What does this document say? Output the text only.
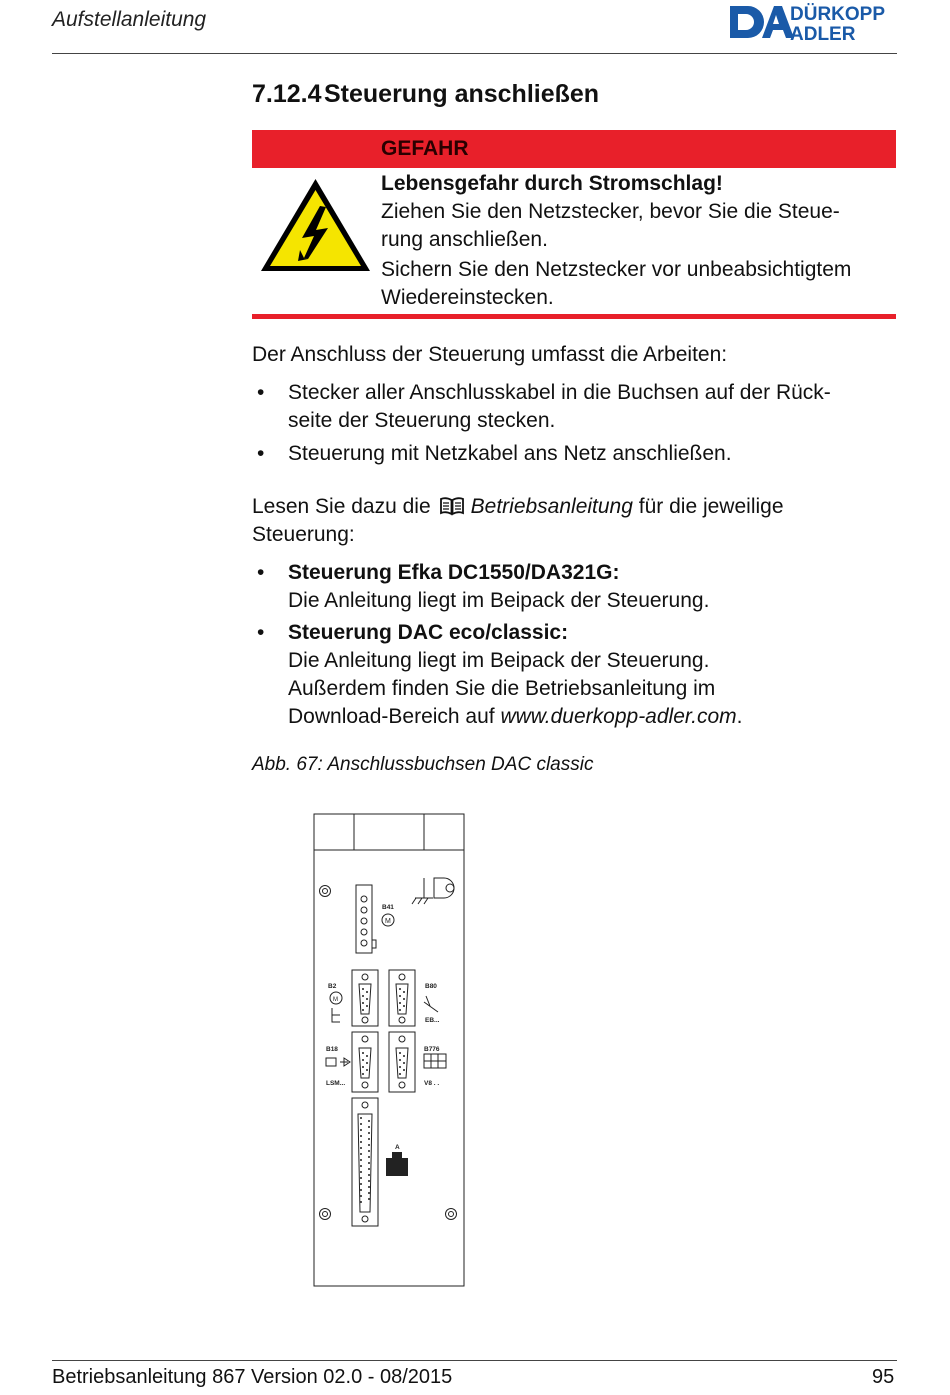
Aufstellanleitung	DÜRKOPP
ADLER
7.12.4 Steuerung anschließen
GEFAHR
Lebensgefahr durch Stromschlag!
Ziehen Sie den Netzstecker, bevor Sie die Steue-
rung anschließen.
Sichern Sie den Netzstecker vor unbeabsichtigtem
Wiedereinstecken.
Der Anschluss der Steuerung umfasst die Arbeiten:
• Stecker aller Anschlusskabel in die Buchsen auf der Rück-
seite der Steuerung stecken.
• Steuerung mit Netzkabel ans Netz anschließen.
Lesen Sie dazu die Betriebsanleitung für die jeweilige
Steuerung:
• Steuerung Efka DC1550/DA321G:
Die Anleitung liegt im Beipack der Steuerung.
• Steuerung DAC eco/classic:
Die Anleitung liegt im Beipack der Steuerung.
Außerdem finden Sie die Betriebsanleitung im
Download-Bereich auf www.duerkopp-adler.com.
Abb. 67: Anschlussbuchsen DAC classic
B41
M
B2
M
B80
EB...
B18	B776
LSM...	V8 . .
A
Betriebsanleitung 867 Version 02.0 - 08/2015	95
